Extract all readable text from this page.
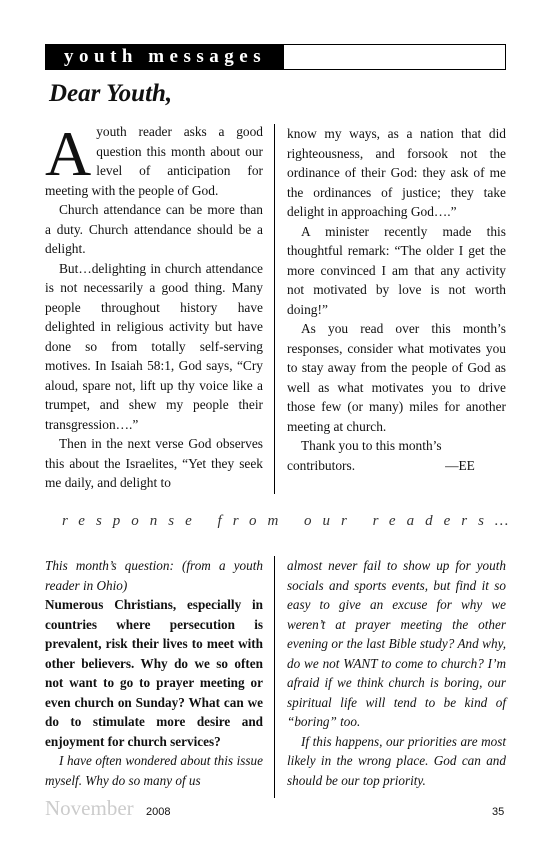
youth messages
Dear Youth,

Ayouth reader asks a good question this month about our level of anticipation for meeting with the people of God.

Church attendance can be more than a duty. Church attendance should be a delight.

But…delighting in church attendance is not necessarily a good thing. Many people throughout history have delighted in religious activity but have done so from totally self-serving motives. In Isaiah 58:1, God says, “Cry aloud, spare not, lift up thy voice like a trumpet, and shew my people their transgression….”

Then in the next verse God observes this about the Israelites, “Yet they seek me daily, and delight to

know my ways, as a nation that did righteousness, and forsook not the ordinance of their God: they ask of me the ordinances of justice; they take delight in approaching God….”

A minister recently made this thoughtful remark: “The older I get the more convinced I am that any activity not motivated by love is not worth doing!”

As you read over this month’s responses, consider what motivates you to stay away from the people of God as well as what motivates you to drive those few (or many) miles for another meeting at church.

Thank you to this month’s contributors.	—EE

response from our readers…

This month’s question: (from a youth reader in Ohio)

Numerous Christians, especially in countries where persecution is prevalent, risk their lives to meet with other believers. Why do we so often not want to go to prayer meeting or even church on Sunday? What can we do to stimulate more desire and enjoyment for church services?

I have often wondered about this issue myself. Why do so many of us

almost never fail to show up for youth socials and sports events, but find it so easy to give an excuse for why we weren’t at prayer meeting the other evening or the last Bible study? And why, do we not WANT to come to church? I’m afraid if we think church is boring, our spiritual life will tend to be kind of “boring” too.

If this happens, our priorities are most likely in the wrong place. God can and should be our top priority.

November 2008	35
